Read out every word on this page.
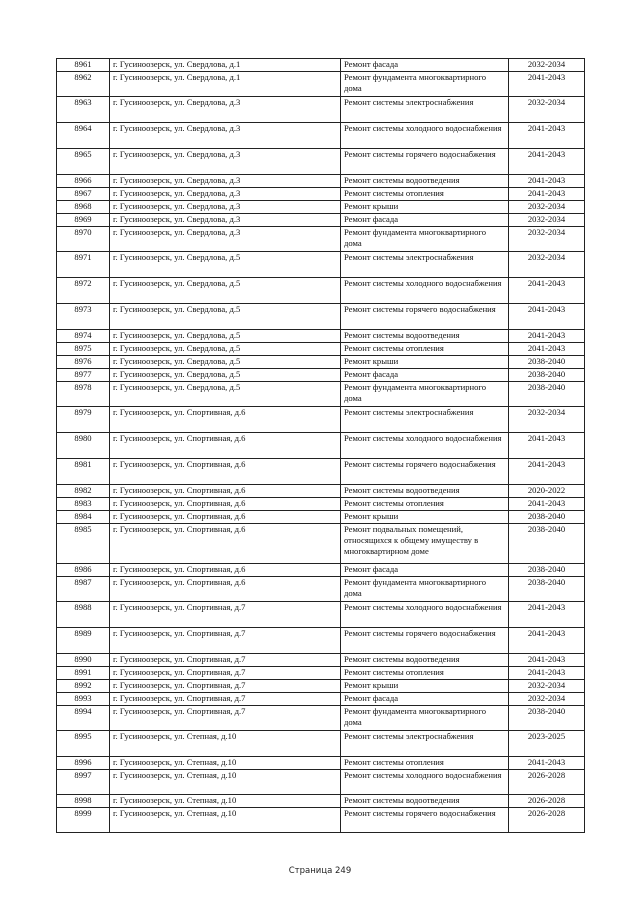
8961	г. Гусиноозерск, ул. Свердлова, д.1	Ремонт фасада	2032-2034
8962	г. Гусиноозерск, ул. Свердлова, д.1	Ремонт фундамента многоквартирного дома	2041-2043
8963	г. Гусиноозерск, ул. Свердлова, д.3	Ремонт системы электроснабжения	2032-2034
8964	г. Гусиноозерск, ул. Свердлова, д.3	Ремонт системы холодного водоснабжения	2041-2043
8965	г. Гусиноозерск, ул. Свердлова, д.3	Ремонт системы горячего водоснабжения	2041-2043
8966	г. Гусиноозерск, ул. Свердлова, д.3	Ремонт системы водоотведения	2041-2043
8967	г. Гусиноозерск, ул. Свердлова, д.3	Ремонт системы отопления	2041-2043
8968	г. Гусиноозерск, ул. Свердлова, д.3	Ремонт крыши	2032-2034
8969	г. Гусиноозерск, ул. Свердлова, д.3	Ремонт фасада	2032-2034
8970	г. Гусиноозерск, ул. Свердлова, д.3	Ремонт фундамента многоквартирного дома	2032-2034
8971	г. Гусиноозерск, ул. Свердлова, д.5	Ремонт системы электроснабжения	2032-2034
8972	г. Гусиноозерск, ул. Свердлова, д.5	Ремонт системы холодного водоснабжения	2041-2043
8973	г. Гусиноозерск, ул. Свердлова, д.5	Ремонт системы горячего водоснабжения	2041-2043
8974	г. Гусиноозерск, ул. Свердлова, д.5	Ремонт системы водоотведения	2041-2043
8975	г. Гусиноозерск, ул. Свердлова, д.5	Ремонт системы отопления	2041-2043
8976	г. Гусиноозерск, ул. Свердлова, д.5	Ремонт крыши	2038-2040
8977	г. Гусиноозерск, ул. Свердлова, д.5	Ремонт фасада	2038-2040
8978	г. Гусиноозерск, ул. Свердлова, д.5	Ремонт фундамента многоквартирного дома	2038-2040
8979	г. Гусиноозерск, ул. Спортивная, д.6	Ремонт системы электроснабжения	2032-2034
8980	г. Гусиноозерск, ул. Спортивная, д.6	Ремонт системы холодного водоснабжения	2041-2043
8981	г. Гусиноозерск, ул. Спортивная, д.6	Ремонт системы горячего водоснабжения	2041-2043
8982	г. Гусиноозерск, ул. Спортивная, д.6	Ремонт системы водоотведения	2020-2022
8983	г. Гусиноозерск, ул. Спортивная, д.6	Ремонт системы отопления	2041-2043
8984	г. Гусиноозерск, ул. Спортивная, д.6	Ремонт крыши	2038-2040
8985	г. Гусиноозерск, ул. Спортивная, д.6	Ремонт подвальных помещений, относящихся к общему имуществу в многоквартирном доме	2038-2040
8986	г. Гусиноозерск, ул. Спортивная, д.6	Ремонт фасада	2038-2040
8987	г. Гусиноозерск, ул. Спортивная, д.6	Ремонт фундамента многоквартирного дома	2038-2040
8988	г. Гусиноозерск, ул. Спортивная, д.7	Ремонт системы холодного водоснабжения	2041-2043
8989	г. Гусиноозерск, ул. Спортивная, д.7	Ремонт системы горячего водоснабжения	2041-2043
8990	г. Гусиноозерск, ул. Спортивная, д.7	Ремонт системы водоотведения	2041-2043
8991	г. Гусиноозерск, ул. Спортивная, д.7	Ремонт системы отопления	2041-2043
8992	г. Гусиноозерск, ул. Спортивная, д.7	Ремонт крыши	2032-2034
8993	г. Гусиноозерск, ул. Спортивная, д.7	Ремонт фасада	2032-2034
8994	г. Гусиноозерск, ул. Спортивная, д.7	Ремонт фундамента многоквартирного дома	2038-2040
8995	г. Гусиноозерск, ул. Степная, д.10	Ремонт системы электроснабжения	2023-2025
8996	г. Гусиноозерск, ул. Степная, д.10	Ремонт системы отопления	2041-2043
8997	г. Гусиноозерск, ул. Степная, д.10	Ремонт системы холодного водоснабжения	2026-2028
8998	г. Гусиноозерск, ул. Степная, д.10	Ремонт системы водоотведения	2026-2028
8999	г. Гусиноозерск, ул. Степная, д.10	Ремонт системы горячего водоснабжения	2026-2028
Страница 249
